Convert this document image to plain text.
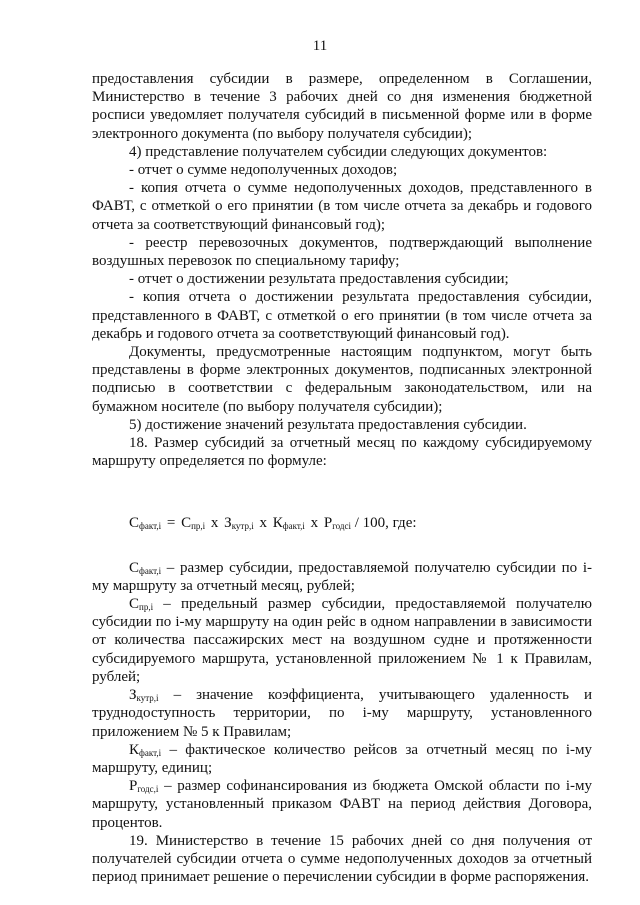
11

предоставления субсидии в размере, определенном в Соглашении, Министерство в течение 3 рабочих дней со дня изменения бюджетной росписи уведомляет получателя субсидий в письменной форме или в форме электронного документа (по выбору получателя субсидии);

4) представление получателем субсидии следующих документов:

- отчет о сумме недополученных доходов;

- копия отчета о сумме недополученных доходов, представленного в ФАВТ, с отметкой о его принятии (в том числе отчета за декабрь и годового отчета за соответствующий финансовый год);

- реестр перевозочных документов, подтверждающий выполнение воздушных перевозок по специальному тарифу;

- отчет о достижении результата предоставления субсидии;

- копия отчета о достижении результата предоставления субсидии, представленного в ФАВТ, с отметкой о его принятии (в том числе отчета за декабрь и годового отчета за соответствующий финансовый год).

Документы, предусмотренные настоящим подпунктом, могут быть представлены в форме электронных документов, подписанных электронной подписью в соответствии с федеральным законодательством, или на бумажном носителе (по выбору получателя субсидии);

5) достижение значений результата предоставления субсидии.

18. Размер субсидий за отчетный месяц по каждому субсидируемому маршруту определяется по формуле:

$С_{факт,i} = С_{пр,i}$ x $З_{кутр,i}$ x $К_{факт,i}$ x $Р_{годсі} / 100$, где:

$С_{факт,i}$ – размер субсидии, предоставляемой получателю субсидии по i-му маршруту за отчетный месяц, рублей;

$С_{пр,i}$ – предельный размер субсидии, предоставляемой получателю субсидии по i-му маршруту на один рейс в одном направлении в зависимости от количества пассажирских мест на воздушном судне и протяженности субсидируемого маршрута, установленной приложением № 1 к Правилам, рублей;

$З_{кутр,i}$ – значение коэффициента, учитывающего удаленность и труднодоступность территории, по i-му маршруту, установленного приложением № 5 к Правилам;

$К_{факт,i}$ – фактическое количество рейсов за отчетный месяц по i-му маршруту, единиц;

$Р_{годс,i}$ – размер софинансирования из бюджета Омской области по i-му маршруту, установленный приказом ФАВТ на период действия Договора, процентов.

19. Министерство в течение 15 рабочих дней со дня получения от получателей субсидии отчета о сумме недополученных доходов за отчетный период принимает решение о перечислении субсидии в форме распоряжения.
